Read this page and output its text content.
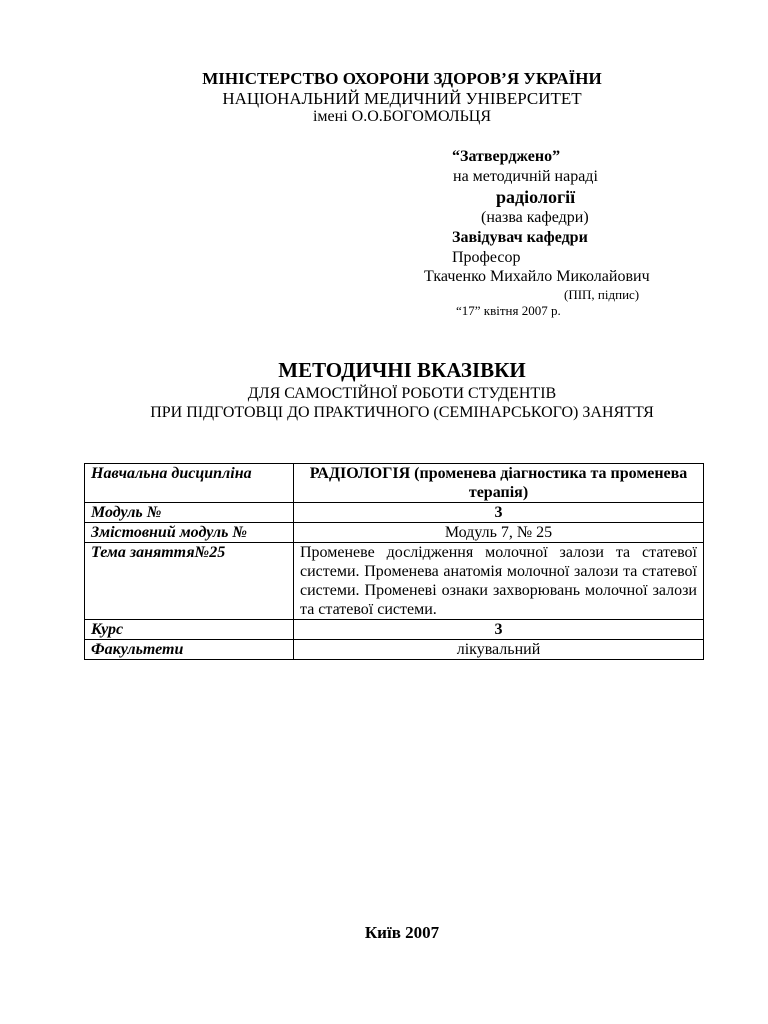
МІНІСТЕРСТВО ОХОРОНИ ЗДОРОВ’Я УКРАЇНИ
НАЦІОНАЛЬНИЙ МЕДИЧНИЙ УНІВЕРСИТЕТ
імені О.О.БОГОМОЛЬЦЯ
“Затверджено”
на методичній нараді
радіології
(назва кафедри)
Завідувач кафедри
Професор
Ткаченко Михайло Миколайович
(ПІП, підпис)
“17” квітня 2007 р.
МЕТОДИЧНІ ВКАЗІВКИ
ДЛЯ САМОСТІЙНОЇ РОБОТИ СТУДЕНТІВ
ПРИ ПІДГОТОВЦІ ДО ПРАКТИЧНОГО (СЕМІНАРСЬКОГО) ЗАНЯТТЯ
Навчальна дисципліна	РАДІОЛОГІЯ (променева діагностика та променева терапія)
Модуль №	3
Змістовний модуль №	Модуль 7, № 25
Тема заняття№25	Променеве дослідження молочної залози та статевої системи. Променева анатомія молочної залози та статевої системи. Променеві ознаки захворювань молочної залози та статевої системи.
Курс	3
Факультети	лікувальний
Київ 2007
